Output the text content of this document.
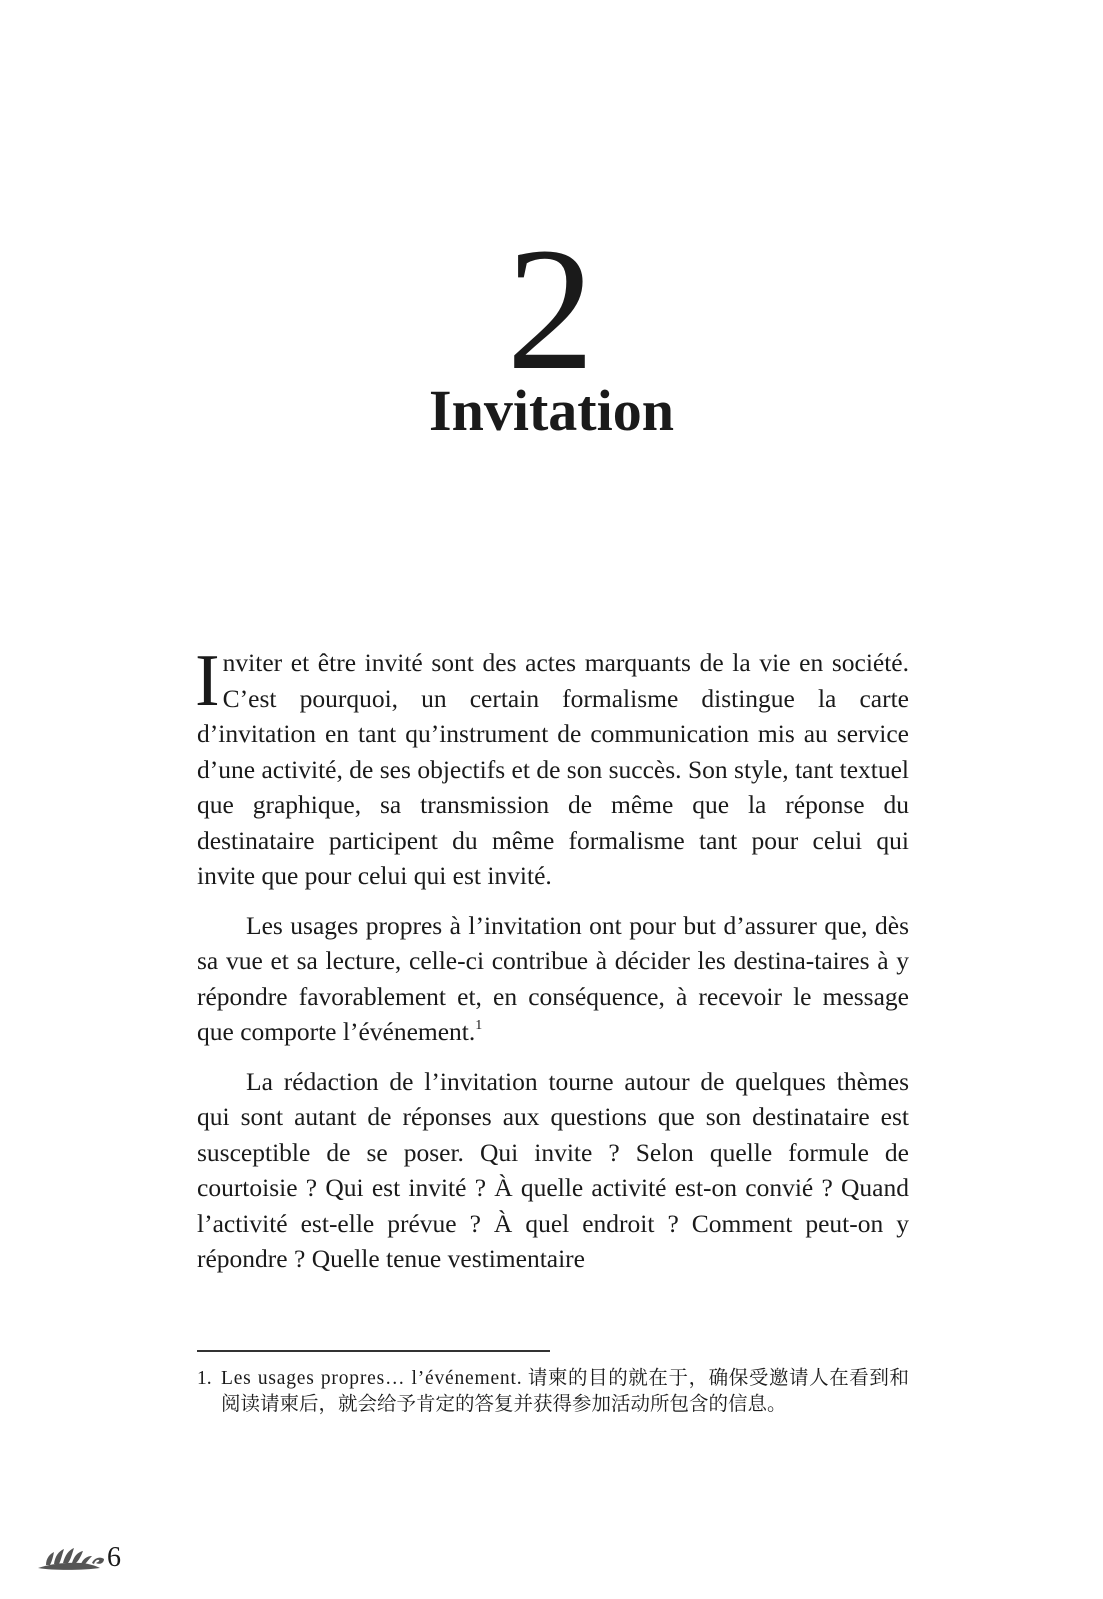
2
Invitation

Inviter et être invité sont des actes marquants de la vie en société. C’est pourquoi, un certain formalisme distingue la carte d’invitation en tant qu’instrument de communication mis au service d’une activité, de ses objectifs et de son succès. Son style, tant textuel que graphique, sa transmission de même que la réponse du destinataire participent du même formalisme tant pour celui qui invite que pour celui qui est invité.

Les usages propres à l’invitation ont pour but d’assurer que, dès sa vue et sa lecture, celle-ci contribue à décider les destina-taires à y répondre favorablement et, en conséquence, à recevoir le message que comporte l’événement.$^1$

La rédaction de l’invitation tourne autour de quelques thèmes qui sont autant de réponses aux questions que son destinataire est susceptible de se poser. Qui invite ? Selon quelle formule de courtoisie ? Qui est invité ? À quelle activité est-on convié ? Quand l’activité est-elle prévue ? À quel endroit ? Comment peut-on y répondre ? Quelle tenue vestimentaire

1. Les usages propres… l’événement. 请柬的目的就在于，确保受邀请人在看到和阅读请柬后，就会给予肯定的答复并获得参加活动所包含的信息。
6
